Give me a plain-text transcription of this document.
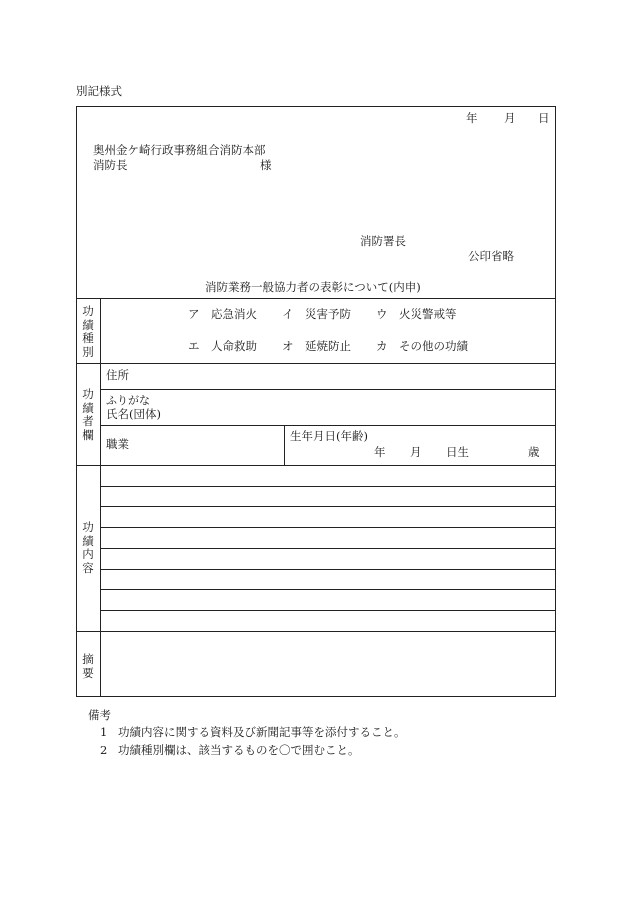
別記様式
年 月 日
奥州金ケ崎行政事務組合消防本部
消防長	様
消防署長
公印省略
消防業務一般協力者の表彰について(内申)
功績種別
ア　応急消火 イ　災害予防 ウ　火災警戒等
エ　人命救助 オ　延焼防止 カ　その他の功績
功績者欄
住所
ふりがな
氏名(団体)
職業
生年月日(年齢)
年 月 日生	歳
功績内容
摘要
備考
1 功績内容に関する資料及び新聞記事等を添付すること。
2 功績種別欄は、該当するものを〇で囲むこと。
